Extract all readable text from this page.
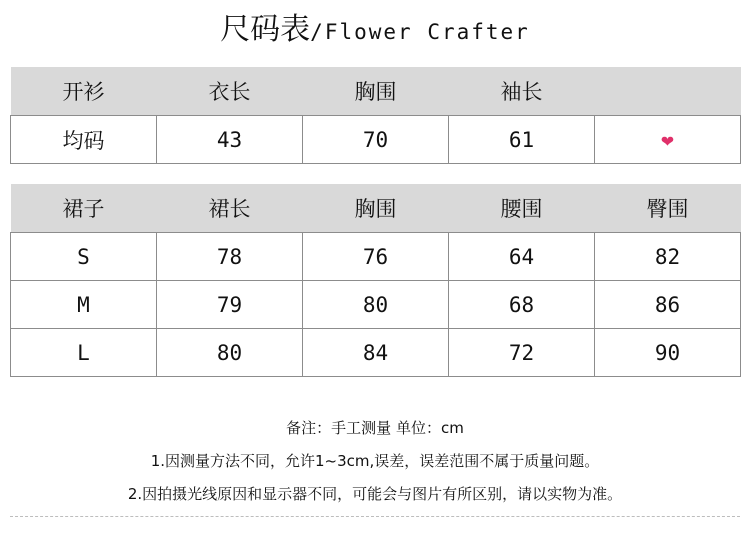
尺码表/Flower Crafter
开衫	衣长	胸围	袖长	
均码	43	70	61	❤
裙子	裙长	胸围	腰围	臀围
S	78	76	64	82
M	79	80	68	86
L	80	84	72	90
备注：手工测量 单位：cm
1.因测量方法不同，允许1~3cm,误差，误差范围不属于质量问题。
2.因拍摄光线原因和显示器不同，可能会与图片有所区别，请以实物为准。
